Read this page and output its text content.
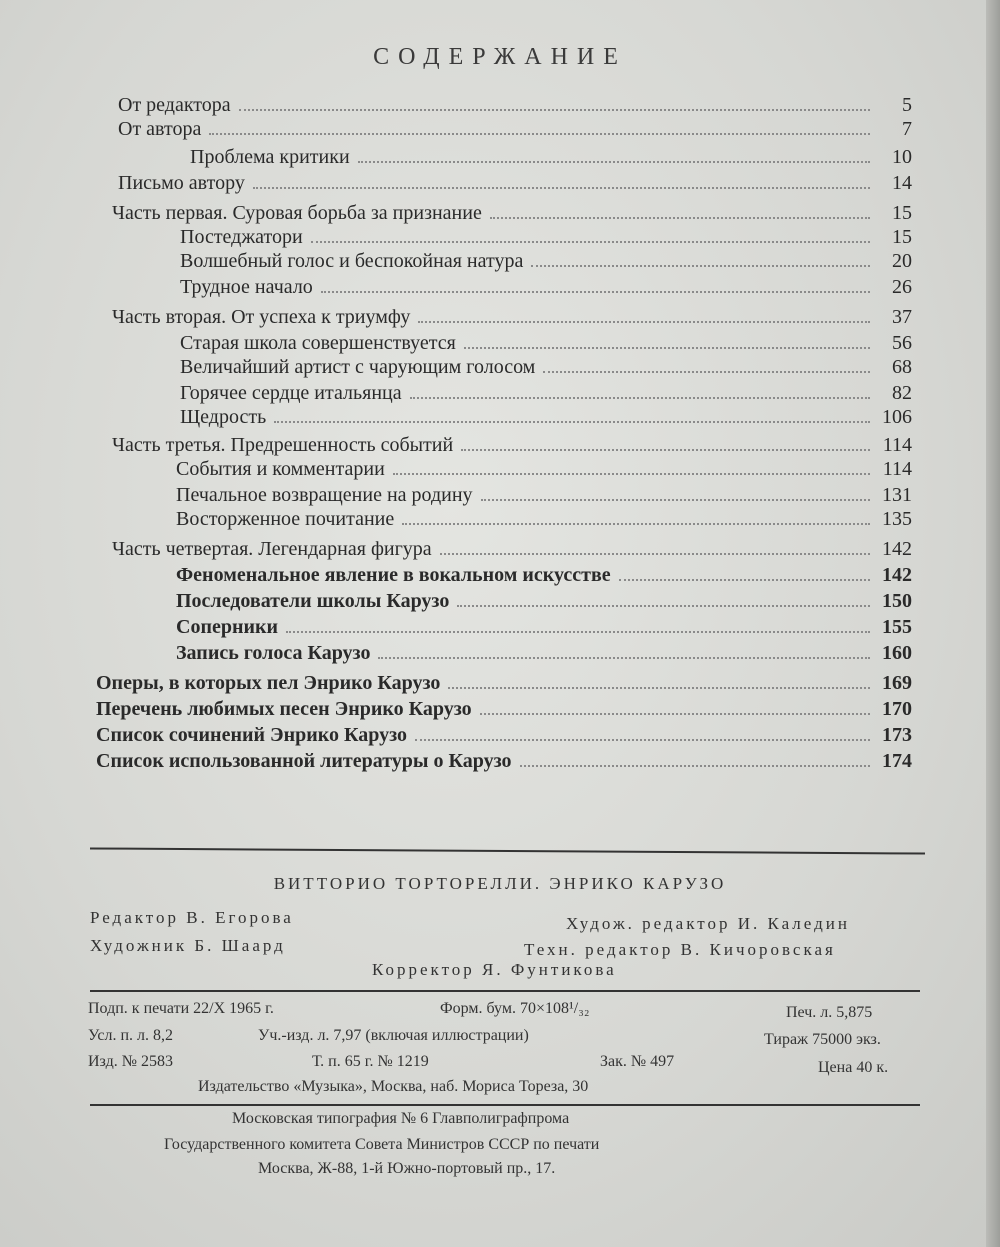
СОДЕРЖАНИЕ
От редактора	5
От автора	7
Проблема критики	10
Письмо автору	14
Часть первая. Суровая борьба за признание	15
Постеджатори	15
Волшебный голос и беспокойная натура	20
Трудное начало	26
Часть вторая. От успеха к триумфу	37
Старая школа совершенствуется	56
Величайший артист с чарующим голосом	68
Горячее сердце итальянца	82
Щедрость	106
Часть третья. Предрешенность событий	114
События и комментарии	114
Печальное возвращение на родину	131
Восторженное почитание	135
Часть четвертая. Легендарная фигура	142
Феноменальное явление в вокальном искусстве	142
Последователи школы Карузо	150
Соперники	155
Запись голоса Карузо	160
Оперы, в которых пел Энрико Карузо	169
Перечень любимых песен Энрико Карузо	170
Список сочинений Энрико Карузо	173
Список использованной литературы о Карузо	174
ВИТТОРИО ТОРТОРЕЛЛИ. ЭНРИКО КАРУЗО
Редактор В. Егорова	Худож. редактор И. Каледин
Художник Б. Шаард	Техн. редактор В. Кичоровская
Корректор Я. Фунтикова
Подп. к печати 22/X 1965 г.	Форм. бум. 70×108¹/₃₂	Печ. л. 5,875
Усл. п. л. 8,2	Уч.-изд. л. 7,97 (включая иллюстрации)	Тираж 75000 экз.
Изд. № 2583	Т. п. 65 г. № 1219	Зак. № 497	Цена 40 к.
Издательство «Музыка», Москва, наб. Мориса Тореза, 30
Московская типография № 6 Главполиграфпрома
Государственного комитета Совета Министров СССР по печати
Москва, Ж-88, 1-й Южно-портовый пр., 17.
